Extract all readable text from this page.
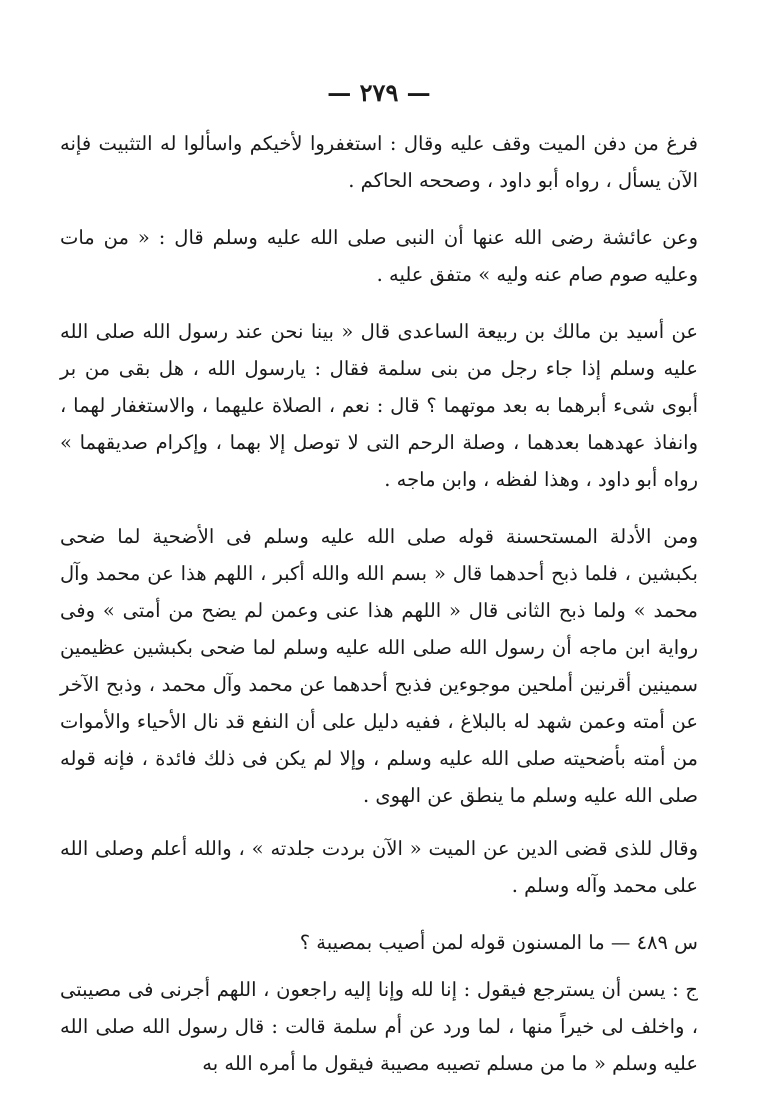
— ٢٧٩ —

فرغ من دفن الميت وقف عليه وقال : استغفروا لأخيكم واسألوا له التثبيت فإنه الآن يسأل ، رواه أبو داود ، وصححه الحاكم .

وعن عائشة رضى الله عنها أن النبى صلى الله عليه وسلم قال : « من مات وعليه صوم صام عنه وليه » متفق عليه .

عن أسيد بن مالك بن ربيعة الساعدى قال « بينا نحن عند رسول الله صلى الله عليه وسلم إذا جاء رجل من بنى سلمة فقال : يارسول الله ، هل بقى من بر أبوى شىء أبرهما به بعد موتهما ؟ قال : نعم ، الصلاة عليهما ، والاستغفار لهما ، وانفاذ عهدهما بعدهما ، وصلة الرحم التى لا توصل إلا بهما ، وإكرام صديقهما » رواه أبو داود ، وهذا لفظه ، وابن ماجه .

ومن الأدلة المستحسنة قوله صلى الله عليه وسلم فى الأضحية لما ضحى بكبشين ، فلما ذبح أحدهما قال « بسم الله والله أكبر ، اللهم هذا عن محمد وآل محمد » ولما ذبح الثانى قال « اللهم هذا عنى وعمن لم يضح من أمتى » وفى رواية ابن ماجه أن رسول الله صلى الله عليه وسلم لما ضحى بكبشين عظيمين سمينين أقرنين أملحين موجوءين فذبح أحدهما عن محمد وآل محمد ، وذبح الآخر عن أمته وعمن شهد له بالبلاغ ، ففيه دليل على أن النفع قد نال الأحياء والأموات من أمته بأضحيته صلى الله عليه وسلم ، وإلا لم يكن فى ذلك فائدة ، فإنه قوله صلى الله عليه وسلم ما ينطق عن الهوى .

وقال للذى قضى الدين عن الميت « الآن بردت جلدته » ، والله أعلم وصلى الله على محمد وآله وسلم .

س ٤٨٩ — ما المسنون قوله لمن أصيب بمصيبة ؟

ج : يسن أن يسترجع فيقول : إنا لله وإنا إليه راجعون ، اللهم أجرنى فى مصيبتى ، واخلف لى خيراً منها ، لما ورد عن أم سلمة قالت : قال رسول الله صلى الله عليه وسلم « ما من مسلم تصيبه مصيبة فيقول ما أمره الله به
